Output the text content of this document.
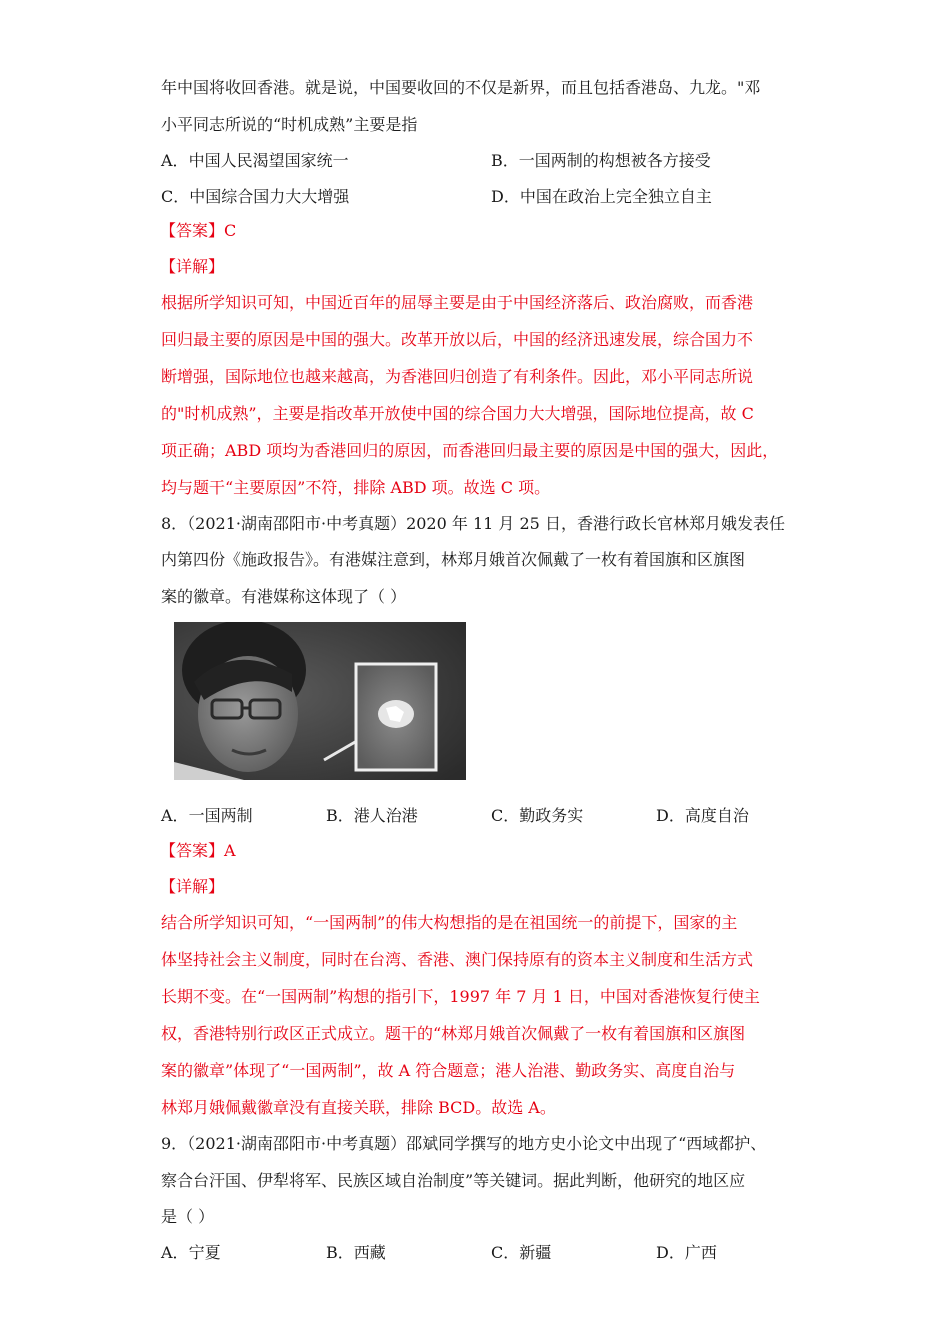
年中国将收回香港。就是说，中国要收回的不仅是新界，而且包括香港岛、九龙。"邓
小平同志所说的“时机成熟”主要是指
A．中国人民渴望国家统一	B．一国两制的构想被各方接受
C．中国综合国力大大增强	D．中国在政治上完全独立自主
【答案】C
【详解】
根据所学知识可知，中国近百年的屈辱主要是由于中国经济落后、政治腐败，而香港
回归最主要的原因是中国的强大。改革开放以后，中国的经济迅速发展，综合国力不
断增强，国际地位也越来越高，为香港回归创造了有利条件。因此，邓小平同志所说
的"时机成熟”，主要是指改革开放使中国的综合国力大大增强，国际地位提高，故 C
项正确；ABD 项均为香港回归的原因，而香港回归最主要的原因是中国的强大，因此，
均与题干“主要原因”不符，排除 ABD 项。故选 C 项。
8．（2021·湖南邵阳市·中考真题）2020 年 11 月 25 日，香港行政长官林郑月娥发表任
内第四份《施政报告》。有港媒注意到，林郑月娥首次佩戴了一枚有着国旗和区旗图
案的徽章。有港媒称这体现了（ ）
A．一国两制	B．港人治港	C．勤政务实	D．高度自治
【答案】A
【详解】
结合所学知识可知，“一国两制”的伟大构想指的是在祖国统一的前提下，国家的主
体坚持社会主义制度，同时在台湾、香港、澳门保持原有的资本主义制度和生活方式
长期不变。在“一国两制”构想的指引下，1997 年 7 月 1 日，中国对香港恢复行使主
权，香港特别行政区正式成立。题干的“林郑月娥首次佩戴了一枚有着国旗和区旗图
案的徽章”体现了“一国两制”，故 A 符合题意；港人治港、勤政务实、高度自治与
林郑月娥佩戴徽章没有直接关联，排除 BCD。故选 A。
9．（2021·湖南邵阳市·中考真题）邵斌同学撰写的地方史小论文中出现了“西域都护、
察合台汗国、伊犁将军、民族区域自治制度”等关键词。据此判断，他研究的地区应
是（ ）
A．宁夏	B．西藏	C．新疆	D．广西
